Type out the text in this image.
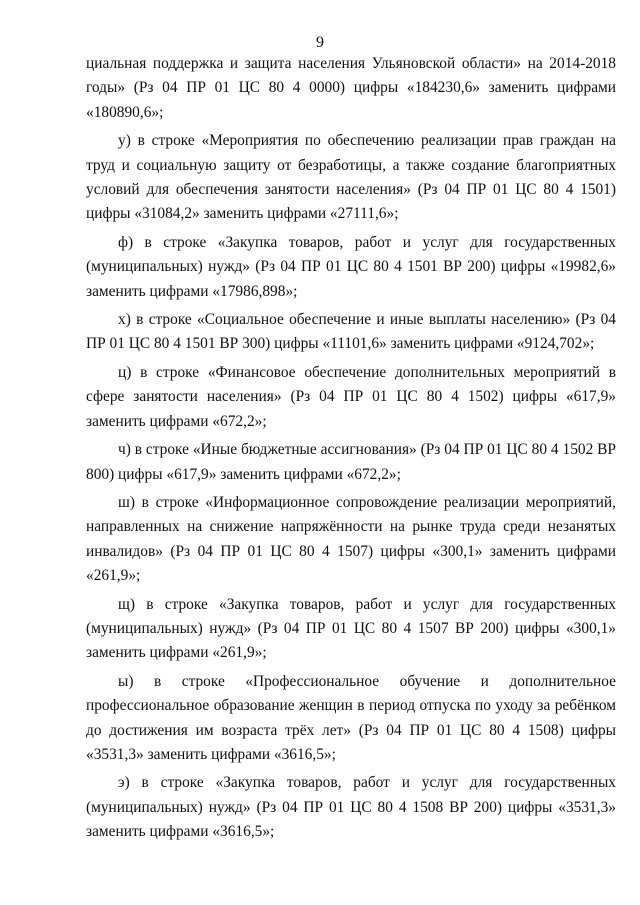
9

циальная поддержка и защита населения Ульяновской области» на 2014-2018 годы» (Рз 04 ПР 01 ЦС 80 4 0000) цифры «184230,6» заменить цифрами «180890,6»;

у) в строке «Мероприятия по обеспечению реализации прав граждан на труд и социальную защиту от безработицы, а также создание благоприятных условий для обеспечения занятости населения» (Рз 04 ПР 01 ЦС 80 4 1501) цифры «31084,2» заменить цифрами «27111,6»;

ф) в строке «Закупка товаров, работ и услуг для государственных (муниципальных) нужд» (Рз 04 ПР 01 ЦС 80 4 1501 ВР 200) цифры «19982,6» заменить цифрами «17986,898»;

х) в строке «Социальное обеспечение и иные выплаты населению» (Рз 04 ПР 01 ЦС 80 4 1501 ВР 300) цифры «11101,6» заменить цифрами «9124,702»;

ц) в строке «Финансовое обеспечение дополнительных мероприятий в сфере занятости населения» (Рз 04 ПР 01 ЦС 80 4 1502) цифры «617,9» заменить цифрами «672,2»;

ч) в строке «Иные бюджетные ассигнования» (Рз 04 ПР 01 ЦС 80 4 1502 ВР 800) цифры «617,9» заменить цифрами «672,2»;

ш) в строке «Информационное сопровождение реализации мероприятий, направленных на снижение напряжённости на рынке труда среди незанятых инвалидов» (Рз 04 ПР 01 ЦС 80 4 1507) цифры «300,1» заменить цифрами «261,9»;

щ) в строке «Закупка товаров, работ и услуг для государственных (муниципальных) нужд» (Рз 04 ПР 01 ЦС 80 4 1507 ВР 200) цифры «300,1» заменить цифрами «261,9»;

ы) в строке «Профессиональное обучение и дополнительное профессиональное образование женщин в период отпуска по уходу за ребёнком до достижения им возраста трёх лет» (Рз 04 ПР 01 ЦС 80 4 1508) цифры «3531,3» заменить цифрами «3616,5»;

э) в строке «Закупка товаров, работ и услуг для государственных (муниципальных) нужд» (Рз 04 ПР 01 ЦС 80 4 1508 ВР 200) цифры «3531,3» заменить цифрами «3616,5»;
